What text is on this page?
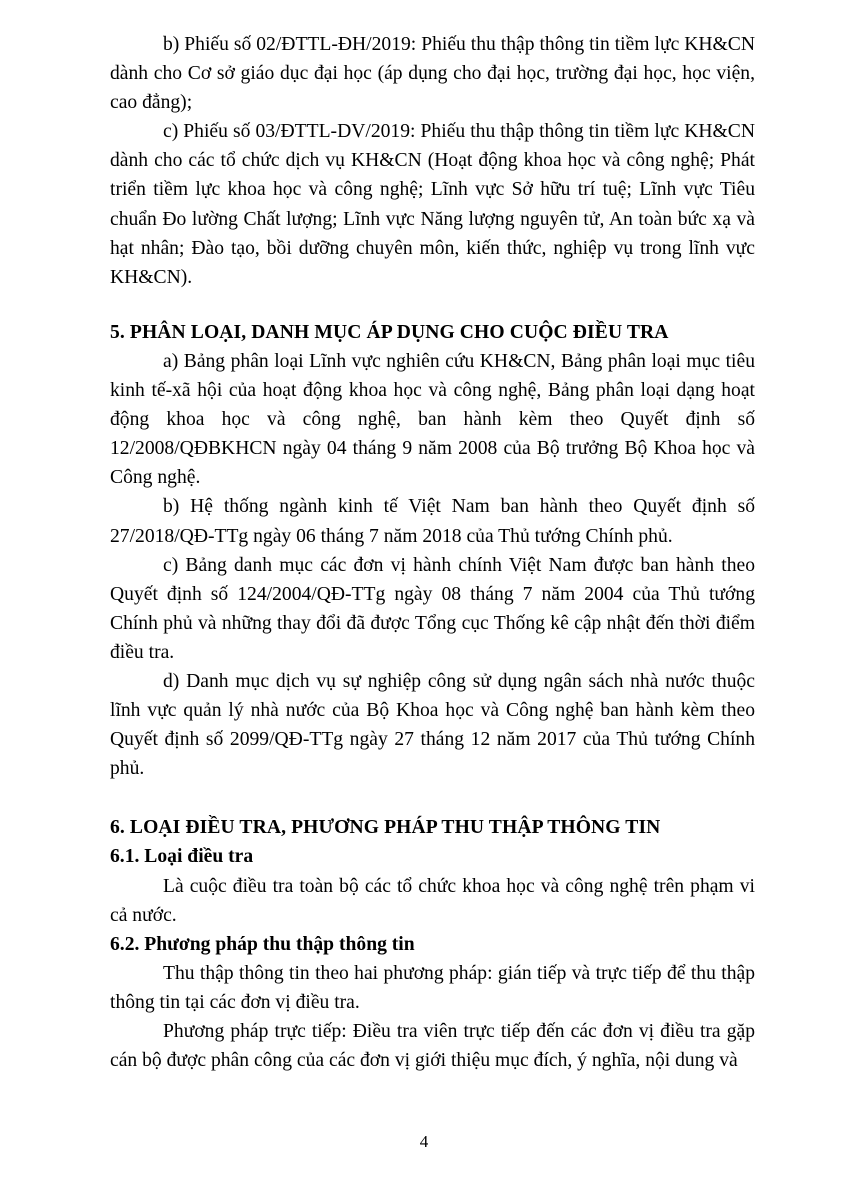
b) Phiếu số 02/ĐTTL-ĐH/2019: Phiếu thu thập thông tin tiềm lực KH&CN dành cho Cơ sở giáo dục đại học (áp dụng cho đại học, trường đại học, học viện, cao đẳng);

c) Phiếu số 03/ĐTTL-DV/2019: Phiếu thu thập thông tin tiềm lực KH&CN dành cho các tổ chức dịch vụ KH&CN (Hoạt động khoa học và công nghệ; Phát triển tiềm lực khoa học và công nghệ; Lĩnh vực Sở hữu trí tuệ; Lĩnh vực Tiêu chuẩn Đo lường Chất lượng; Lĩnh vực Năng lượng nguyên tử, An toàn bức xạ và hạt nhân; Đào tạo, bồi dưỡng chuyên môn, kiến thức, nghiệp vụ trong lĩnh vực KH&CN).

5. PHÂN LOẠI, DANH MỤC ÁP DỤNG CHO CUỘC ĐIỀU TRA

a) Bảng phân loại Lĩnh vực nghiên cứu KH&CN, Bảng phân loại mục tiêu kinh tế-xã hội của hoạt động khoa học và công nghệ, Bảng phân loại dạng hoạt động khoa học và công nghệ, ban hành kèm theo Quyết định số 12/2008/QĐBKHCN ngày 04 tháng 9 năm 2008 của Bộ trưởng Bộ Khoa học và Công nghệ.

b) Hệ thống ngành kinh tế Việt Nam ban hành theo Quyết định số 27/2018/QĐ-TTg ngày 06 tháng 7 năm 2018 của Thủ tướng Chính phủ.

c) Bảng danh mục các đơn vị hành chính Việt Nam được ban hành theo Quyết định số 124/2004/QĐ-TTg ngày 08 tháng 7 năm 2004 của Thủ tướng Chính phủ và những thay đổi đã được Tổng cục Thống kê cập nhật đến thời điểm điều tra.

d) Danh mục dịch vụ sự nghiệp công sử dụng ngân sách nhà nước thuộc lĩnh vực quản lý nhà nước của Bộ Khoa học và Công nghệ ban hành kèm theo Quyết định số 2099/QĐ-TTg ngày 27 tháng 12 năm 2017 của Thủ tướng Chính phủ.

6. LOẠI ĐIỀU TRA, PHƯƠNG PHÁP THU THẬP THÔNG TIN
6.1. Loại điều tra

Là cuộc điều tra toàn bộ các tổ chức khoa học và công nghệ trên phạm vi cả nước.

6.2. Phương pháp thu thập thông tin

Thu thập thông tin theo hai phương pháp: gián tiếp và trực tiếp để thu thập thông tin tại các đơn vị điều tra.

Phương pháp trực tiếp: Điều tra viên trực tiếp đến các đơn vị điều tra gặp cán bộ được phân công của các đơn vị giới thiệu mục đích, ý nghĩa, nội dung và

4
